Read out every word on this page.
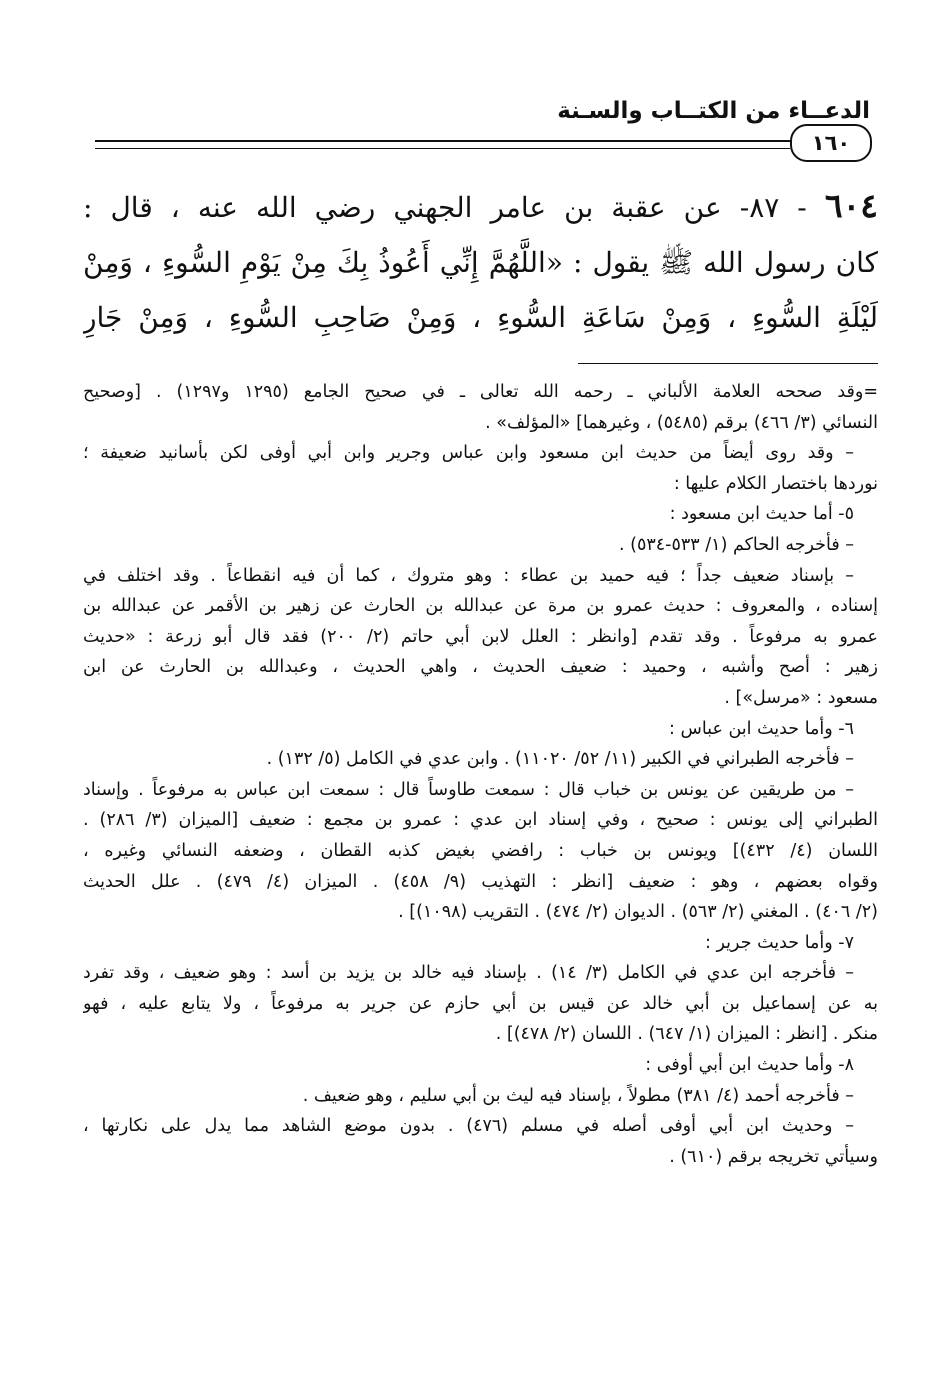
الدعــاء من الكتــاب والسـنة
١٦٠
٦٠٤ - ٨٧- عن عقبة بن عامر الجهني رضي الله عنه ، قال :
كان رسول الله ﷺ يقول : «اللَّهُمَّ إِنِّي أَعُوذُ بِكَ مِنْ يَوْمِ السُّوءِ ، وَمِنْ
لَيْلَةِ السُّوءِ ، وَمِنْ سَاعَةِ السُّوءِ ، وَمِنْ صَاحِبِ السُّوءِ ، وَمِنْ جَارِ
=وقد صححه العلامة الألباني ـ رحمه الله تعالى ـ في صحيح الجامع (١٢٩٥ و١٢٩٧) . [وصحيح
النسائي (٣/ ٤٦٦) برقم (٥٤٨٥) ، وغيرهما] «المؤلف» .
– وقد روى أيضاً من حديث ابن مسعود وابن عباس وجرير وابن أبي أوفى لكن بأسانيد ضعيفة ؛
نوردها باختصار الكلام عليها :
٥- أما حديث ابن مسعود :
– فأخرجه الحاكم (١/ ٥٣٣-٥٣٤) .
– بإسناد ضعيف جداً ؛ فيه حميد بن عطاء : وهو متروك ، كما أن فيه انقطاعاً . وقد اختلف في
إسناده ، والمعروف : حديث عمرو بن مرة عن عبدالله بن الحارث عن زهير بن الأقمر عن عبدالله بن
عمرو به مرفوعاً . وقد تقدم [وانظر : العلل لابن أبي حاتم (٢/ ٢٠٠) فقد قال أبو زرعة : «حديث
زهير : أصح وأشبه ، وحميد : ضعيف الحديث ، واهي الحديث ، وعبدالله بن الحارث عن ابن
مسعود : «مرسل»] .
٦- وأما حديث ابن عباس :
– فأخرجه الطبراني في الكبير (١١/ ٥٢/ ١١٠٢٠) . وابن عدي في الكامل (٥/ ١٣٢) .
– من طريقين عن يونس بن خباب قال : سمعت طاوساً قال : سمعت ابن عباس به مرفوعاً . وإسناد
الطبراني إلى يونس : صحيح ، وفي إسناد ابن عدي : عمرو بن مجمع : ضعيف [الميزان (٣/ ٢٨٦) .
اللسان (٤/ ٤٣٢)] ويونس بن خباب : رافضي بغيض كذبه القطان ، وضعفه النسائي وغيره ،
وقواه بعضهم ، وهو : ضعيف [انظر : التهذيب (٩/ ٤٥٨) . الميزان (٤/ ٤٧٩) . علل الحديث
(٢/ ٤٠٦) . المغني (٢/ ٥٦٣) . الديوان (٢/ ٤٧٤) . التقريب (١٠٩٨)] .
٧- وأما حديث جرير :
– فأخرجه ابن عدي في الكامل (٣/ ١٤) . بإسناد فيه خالد بن يزيد بن أسد : وهو ضعيف ، وقد تفرد
به عن إسماعيل بن أبي خالد عن قيس بن أبي حازم عن جرير به مرفوعاً ، ولا يتابع عليه ، فهو
منكر . [انظر : الميزان (١/ ٦٤٧) . اللسان (٢/ ٤٧٨)] .
٨- وأما حديث ابن أبي أوفى :
– فأخرجه أحمد (٤/ ٣٨١) مطولاً ، بإسناد فيه ليث بن أبي سليم ، وهو ضعيف .
– وحديث ابن أبي أوفى أصله في مسلم (٤٧٦) . بدون موضع الشاهد مما يدل على نكارتها ،
وسيأتي تخريجه برقم (٦١٠) .
